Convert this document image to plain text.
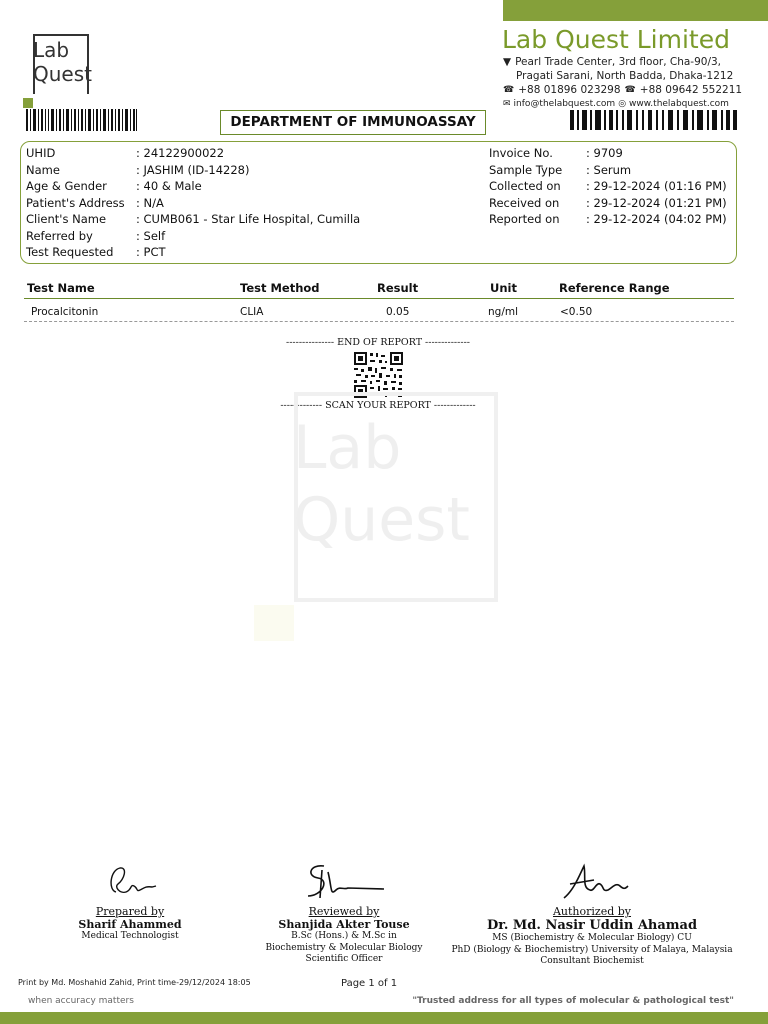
Lab
Quest
Lab Quest Limited
▼ Pearl Trade Center, 3rd floor, Cha-90/3,
Pragati Sarani, North Badda, Dhaka-1212
☎ +88 01896 023298 ☎ +88 09642 552211
✉ info@thelabquest.com ◎ www.thelabquest.com
DEPARTMENT OF IMMUNOASSAY
UHID	: 24122900022
Name	: JASHIM (ID-14228)
Age & Gender	: 40 & Male
Patient's Address : N/A
Client's Name	: CUMB061 - Star Life Hospital, Cumilla
Referred by	: Self
Test Requested : PCT
Invoice No.	: 9709
Sample Type : Serum
Collected on : 29-12-2024 (01:16 PM)
Received on : 29-12-2024 (01:21 PM)
Reported on : 29-12-2024 (04:02 PM)
Test Name	Test Method	Result	Unit	Reference Range
Procalcitonin	CLIA	0.05	ng/ml	<0.50
--------------- END OF REPORT --------------
------------- SCAN YOUR REPORT -------------
Lab
Quest
Prepared by
Sharif Ahammed
Medical Technologist
Reviewed by
Shanjida Akter Touse
B.Sc (Hons.) & M.Sc in
Biochemistry & Molecular Biology
Scientific Officer
Authorized by
Dr. Md. Nasir Uddin Ahamad
MS (Biochemistry & Molecular Biology) CU
PhD (Biology & Biochemistry) University of Malaya, Malaysia
Consultant Biochemist
Print by Md. Moshahid Zahid, Print time-29/12/2024 18:05	Page 1 of 1
when accuracy matters	"Trusted address for all types of molecular & pathological test"
